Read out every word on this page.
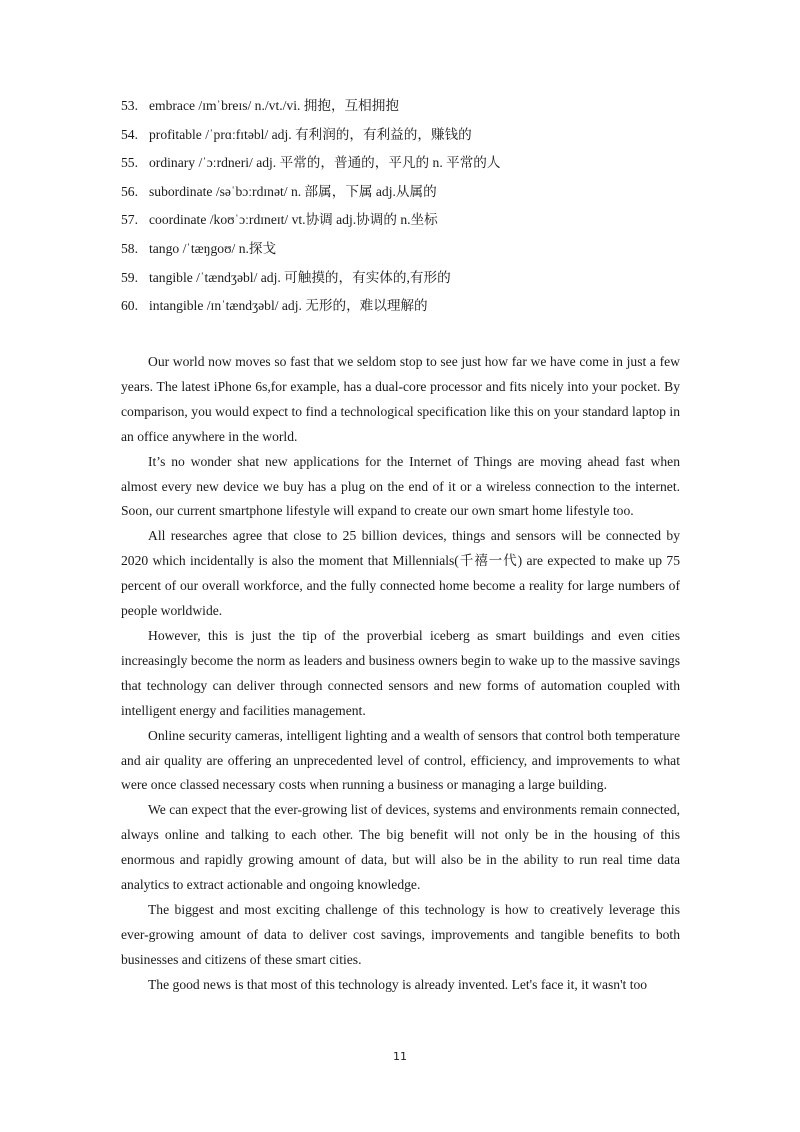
53. embrace /ɪmˈbreɪs/ n./vt./vi. 拥抱，互相拥抱
54. profitable /ˈprɑːfɪtəbl/ adj. 有利润的，有利益的，赚钱的
55. ordinary /ˈɔːrdneri/ adj. 平常的，普通的，平凡的 n. 平常的人
56. subordinate /səˈbɔːrdɪnət/ n. 部属，下属 adj.从属的
57. coordinate /koʊˈɔːrdɪneɪt/ vt.协调 adj.协调的 n.坐标
58. tango /ˈtæŋgoʊ/ n.探戈
59. tangible /ˈtændʒəbl/ adj. 可触摸的，有实体的,有形的
60. intangible /ɪnˈtændʒəbl/ adj. 无形的，难以理解的

Our world now moves so fast that we seldom stop to see just how far we have come in just a few years. The latest iPhone 6s,for example, has a dual-core processor and fits nicely into your pocket. By comparison, you would expect to find a technological specification like this on your standard laptop in an office anywhere in the world.

It’s no wonder shat new applications for the Internet of Things are moving ahead fast when almost every new device we buy has a plug on the end of it or a wireless connection to the internet. Soon, our current smartphone lifestyle will expand to create our own smart home lifestyle too.

All researches agree that close to 25 billion devices, things and sensors will be connected by 2020 which incidentally is also the moment that Millennials(千禧一代) are expected to make up 75 percent of our overall workforce, and the fully connected home become a reality for large numbers of people worldwide.

However, this is just the tip of the proverbial iceberg as smart buildings and even cities increasingly become the norm as leaders and business owners begin to wake up to the massive savings that technology can deliver through connected sensors and new forms of automation coupled with intelligent energy and facilities management.

Online security cameras, intelligent lighting and a wealth of sensors that control both temperature and air quality are offering an unprecedented level of control, efficiency, and improvements to what were once classed necessary costs when running a business or managing a large building.

We can expect that the ever-growing list of devices, systems and environments remain connected, always online and talking to each other. The big benefit will not only be in the housing of this enormous and rapidly growing amount of data, but will also be in the ability to run real time data analytics to extract actionable and ongoing knowledge.

The biggest and most exciting challenge of this technology is how to creatively leverage this ever-growing amount of data to deliver cost savings, improvements and tangible benefits to both businesses and citizens of these smart cities.

The good news is that most of this technology is already invented. Let's face it, it wasn't too

11
